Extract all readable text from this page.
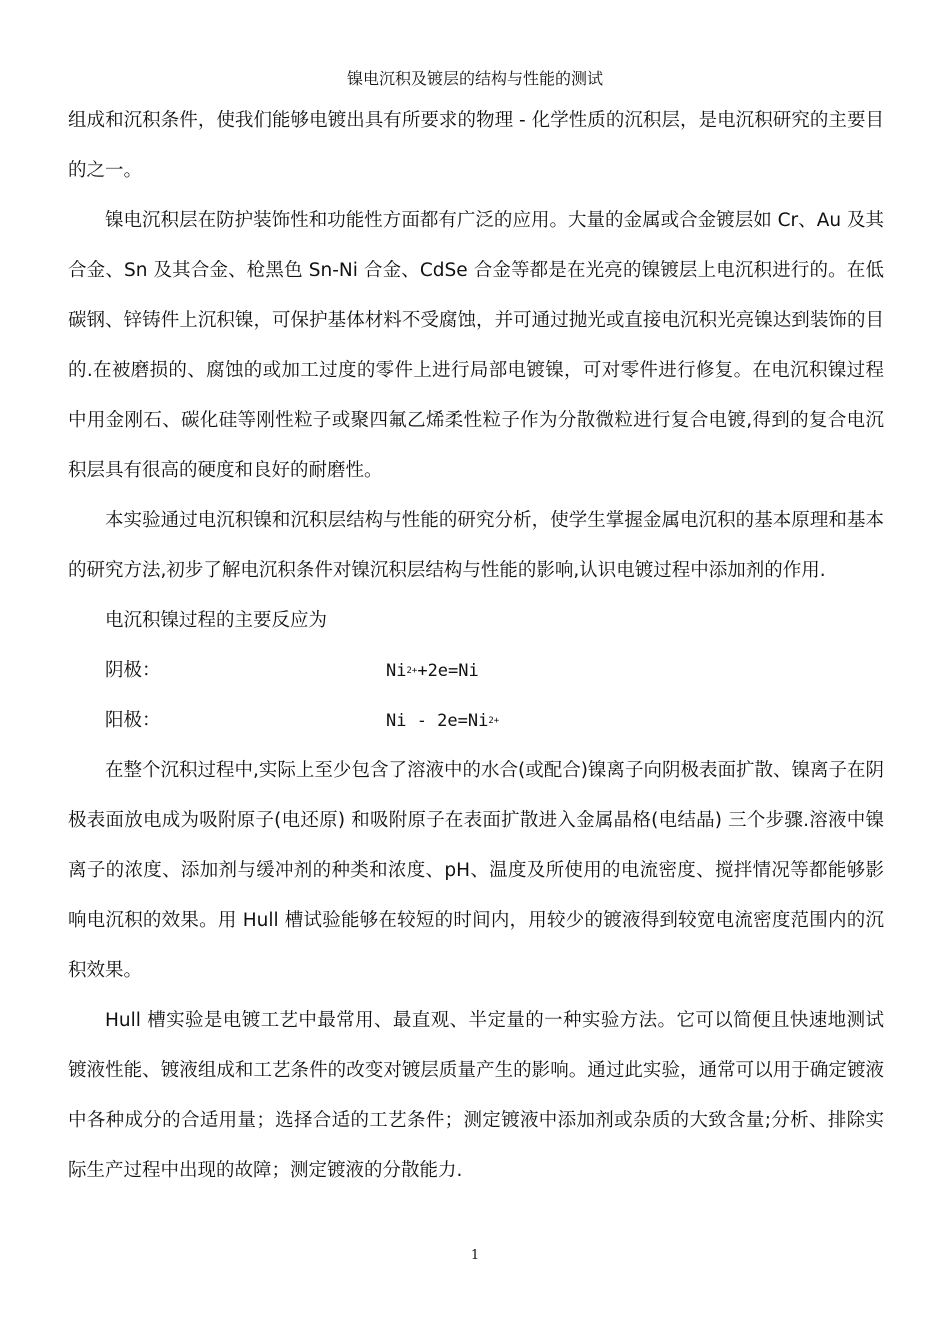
镍电沉积及镀层的结构与性能的测试

组成和沉积条件，使我们能够电镀出具有所要求的物理 - 化学性质的沉积层，是电沉积研究的主要目的之一。

镍电沉积层在防护装饰性和功能性方面都有广泛的应用。大量的金属或合金镀层如 Cr、Au 及其合金、Sn 及其合金、枪黑色 Sn-Ni 合金、CdSe 合金等都是在光亮的镍镀层上电沉积进行的。在低碳钢、锌铸件上沉积镍，可保护基体材料不受腐蚀，并可通过抛光或直接电沉积光亮镍达到装饰的目的.在被磨损的、腐蚀的或加工过度的零件上进行局部电镀镍，可对零件进行修复。在电沉积镍过程中用金刚石、碳化硅等刚性粒子或聚四氟乙烯柔性粒子作为分散微粒进行复合电镀,得到的复合电沉积层具有很高的硬度和良好的耐磨性。

本实验通过电沉积镍和沉积层结构与性能的研究分析，使学生掌握金属电沉积的基本原理和基本的研究方法,初步了解电沉积条件对镍沉积层结构与性能的影响,认识电镀过程中添加剂的作用.

电沉积镍过程的主要反应为

阴极：	$Ni^{2+}+2e=Ni$
阳极：	$Ni - 2e=Ni^{2+}$

在整个沉积过程中,实际上至少包含了溶液中的水合(或配合)镍离子向阴极表面扩散、镍离子在阴极表面放电成为吸附原子(电还原) 和吸附原子在表面扩散进入金属晶格(电结晶) 三个步骤.溶液中镍离子的浓度、添加剂与缓冲剂的种类和浓度、pH、温度及所使用的电流密度、搅拌情况等都能够影响电沉积的效果。用 Hull 槽试验能够在较短的时间内，用较少的镀液得到较宽电流密度范围内的沉积效果。

Hull 槽实验是电镀工艺中最常用、最直观、半定量的一种实验方法。它可以简便且快速地测试镀液性能、镀液组成和工艺条件的改变对镀层质量产生的影响。通过此实验，通常可以用于确定镀液中各种成分的合适用量；选择合适的工艺条件；测定镀液中添加剂或杂质的大致含量;分析、排除实际生产过程中出现的故障；测定镀液的分散能力.

1
